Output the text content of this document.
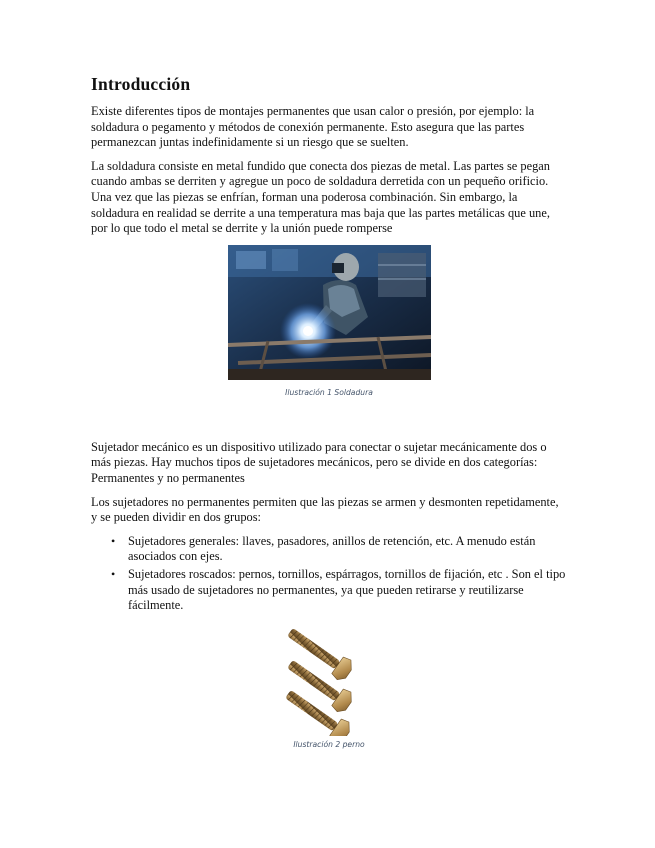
Introducción

Existe diferentes tipos de montajes permanentes que usan calor o presión, por ejemplo: la soldadura o pegamento y métodos de conexión permanente. Esto asegura que las partes permanezcan juntas indefinidamente si un riesgo que se suelten.

La soldadura consiste en metal fundido que conecta dos piezas de metal. Las partes se pegan cuando ambas se derriten y agregue un poco de soldadura derretida con un pequeño orificio. Una vez que las piezas se enfrían, forman una poderosa combinación. Sin embargo, la soldadura en realidad se derrite a una temperatura mas baja que las partes metálicas que une, por lo que todo el metal se derrite y la unión puede romperse

Ilustración 1 Soldadura

Sujetador mecánico es un dispositivo utilizado para conectar o sujetar mecánicamente dos o más piezas. Hay muchos tipos de sujetadores mecánicos, pero se divide en dos categorías: Permanentes y no permanentes

Los sujetadores no permanentes permiten que las piezas se armen y desmonten repetidamente, y se pueden dividir en dos grupos:

• Sujetadores generales: llaves, pasadores, anillos de retención, etc. A menudo están asociados con ejes.
• Sujetadores roscados: pernos, tornillos, espárragos, tornillos de fijación, etc . Son el tipo más usado de sujetadores no permanentes, ya que pueden retirarse y reutilizarse fácilmente.
Ilustración 2 perno
